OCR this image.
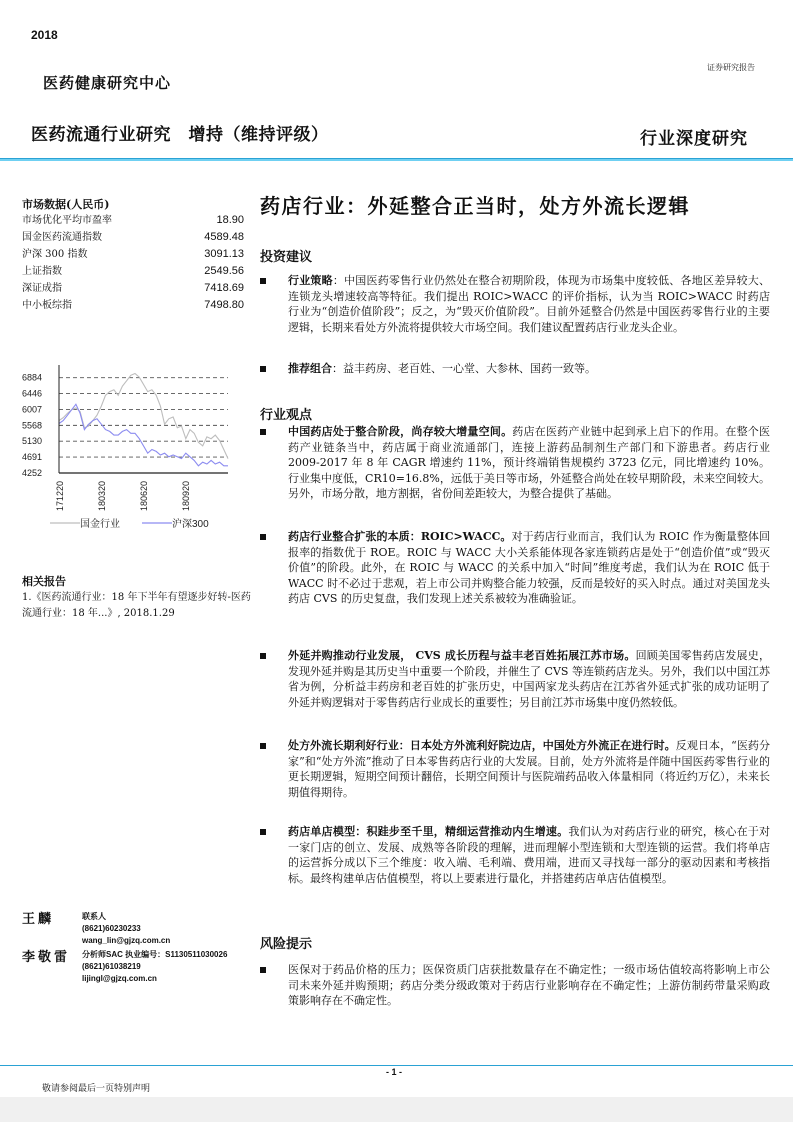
2018
医药健康研究中心
证券研究报告
医药流通行业研究　增持（维持评级）	行业深度研究
市场数据(人民币)
市场优化平均市盈率	18.90
国金医药流通指数	4589.48
沪深 300 指数	3091.13
上证指数	2549.56
深证成指	7418.69
中小板综指	7498.80
6884
6446
6007
5568
5130
4691
4252
171220	180320	180620	180920
国金行业	沪深300
相关报告
1.《医药流通行业：18 年下半年有望逐步好转-医药流通行业：18 年...》, 2018.1.29
王麟	联系人
(8621)60230233
wang_lin@gjzq.com.cn
李敬雷 分析师SAC 执业编号：S1130511030026
(8621)61038219
lijingl@gjzq.com.cn
药店行业：外延整合正当时，处方外流长逻辑
投资建议
行业策略：中国医药零售行业仍然处在整合初期阶段，体现为市场集中度较低、各地区差异较大、连锁龙头增速较高等特征。我们提出 ROIC>WACC 的评价指标，认为当 ROIC>WACC 时药店行业为“创造价值阶段”；反之，为“毁灭价值阶段”。目前外延整合仍然是中国医药零售行业的主要逻辑，长期来看处方外流将提供较大市场空间。我们建议配置药店行业龙头企业。
推荐组合：益丰药房、老百姓、一心堂、大参林、国药一致等。
行业观点
中国药店处于整合阶段，尚存较大增量空间。药店在医药产业链中起到承上启下的作用。在整个医药产业链条当中，药店属于商业流通部门，连接上游药品制剂生产部门和下游患者。药店行业 2009-2017 年 8 年 CAGR 增速约 11%，预计终端销售规模约 3723 亿元，同比增速约 10%。行业集中度低，CR10=16.8%，远低于美日等市场，外延整合尚处在较早期阶段，未来空间较大。另外，市场分散，地方割据，省份间差距较大，为整合提供了基础。
药店行业整合扩张的本质：ROIC>WACC。对于药店行业而言，我们认为 ROIC 作为衡量整体回报率的指数优于 ROE。ROIC 与 WACC 大小关系能体现各家连锁药店是处于“创造价值”或“毁灭价值”的阶段。此外，在 ROIC 与 WACC 的关系中加入“时间”维度考虑，我们认为在 ROIC 低于 WACC 时不必过于悲观，若上市公司并购整合能力较强，反而是较好的买入时点。通过对美国龙头药店 CVS 的历史复盘，我们发现上述关系被较为准确验证。
外延并购推动行业发展， CVS 成长历程与益丰老百姓拓展江苏市场。回顾美国零售药店发展史，发现外延并购是其历史当中重要一个阶段，并催生了 CVS 等连锁药店龙头。另外，我们以中国江苏省为例，分析益丰药房和老百姓的扩张历史，中国两家龙头药店在江苏省外延式扩张的成功证明了外延并购逻辑对于零售药店行业成长的重要性；另目前江苏市场集中度仍然较低。
处方外流长期利好行业：日本处方外流利好院边店，中国处方外流正在进行时。反观日本，“医药分家”和“处方外流”推动了日本零售药店行业的大发展。目前，处方外流将是伴随中国医药零售行业的更长期逻辑，短期空间预计翻倍，长期空间预计与医院端药品收入体量相同（将近约万亿），未来长期值得期待。
药店单店模型：积跬步至千里，精细运营推动内生增速。我们认为对药店行业的研究，核心在于对一家门店的创立、发展、成熟等各阶段的理解，进而理解小型连锁和大型连锁的运营。我们将单店的运营拆分成以下三个维度：收入端、毛利端、费用端，进而又寻找每一部分的驱动因素和考核指标。最终构建单店估值模型，将以上要素进行量化，并搭建药店单店估值模型。
风险提示
医保对于药品价格的压力；医保资质门店获批数量存在不确定性；一级市场估值较高将影响上市公司未来外延并购预期；药店分类分级政策对于药店行业影响存在不确定性；上游仿制药带量采购政策影响存在不确定性。
- 1 -
敬请参阅最后一页特别声明
